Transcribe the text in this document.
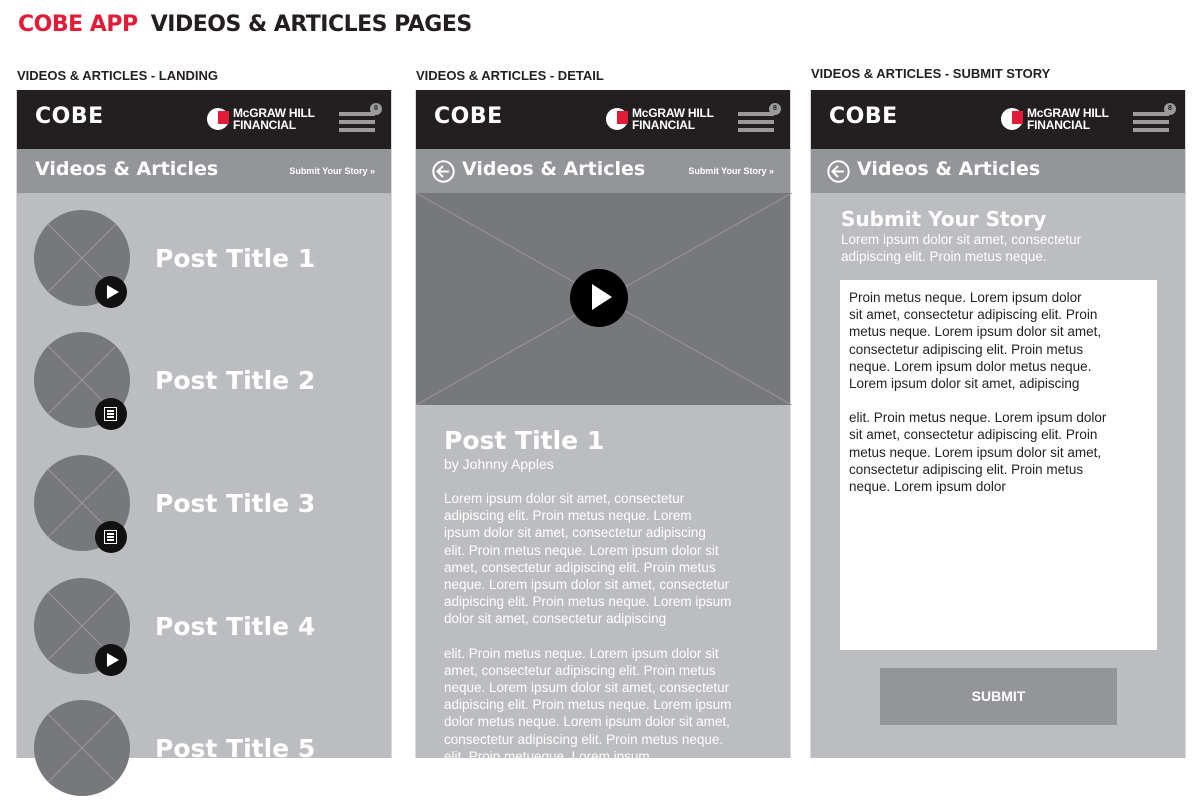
COBE APP VIDEOS & ARTICLES PAGES
VIDEOS & ARTICLES - LANDING	VIDEOS & ARTICLES - DETAIL	VIDEOS & ARTICLES - SUBMIT STORY
COBE	McGRAW HILL
FINANCIAL
8
Videos & Articles	Submit Your Story »
Post Title 1
Post Title 2
Post Title 3
Post Title 4
Post Title 5
COBE	McGRAW HILL
FINANCIAL
8
Videos & Articles	Submit Your Story »
Post Title 1
by Johnny Apples

Lorem ipsum dolor sit amet, consectetur
adipiscing elit. Proin metus neque. Lorem
ipsum dolor sit amet, consectetur adipiscing
elit. Proin metus neque. Lorem ipsum dolor sit
amet, consectetur adipiscing elit. Proin metus
neque. Lorem ipsum dolor sit amet, consectetur
adipiscing elit. Proin metus neque. Lorem ipsum
dolor sit amet, consectetur adipiscing

elit. Proin metus neque. Lorem ipsum dolor sit
amet, consectetur adipiscing elit. Proin metus
neque. Lorem ipsum dolor sit amet, consectetur
adipiscing elit. Proin metus neque. Lorem ipsum
dolor metus neque. Lorem ipsum dolor sit amet,
consectetur adipiscing elit. Proin metus neque.
elit. Proin metueque. Lorem ipsum
dolor sit amet, consectetur adipiscing elit. Proin

COBE	McGRAW HILL
FINANCIAL
8
Videos & Articles
Submit Your Story
Lorem ipsum dolor sit amet, consectetur
adipiscing elit. Proin metus neque.

Proin metus neque. Lorem ipsum dolor
sit amet, consectetur adipiscing elit. Proin
metus neque. Lorem ipsum dolor sit amet,
consectetur adipiscing elit. Proin metus
neque. Lorem ipsum dolor metus neque.
Lorem ipsum dolor sit amet, adipiscing

elit. Proin metus neque. Lorem ipsum dolor
sit amet, consectetur adipiscing elit. Proin
metus neque. Lorem ipsum dolor sit amet,
consectetur adipiscing elit. Proin metus
neque. Lorem ipsum dolor

SUBMIT
